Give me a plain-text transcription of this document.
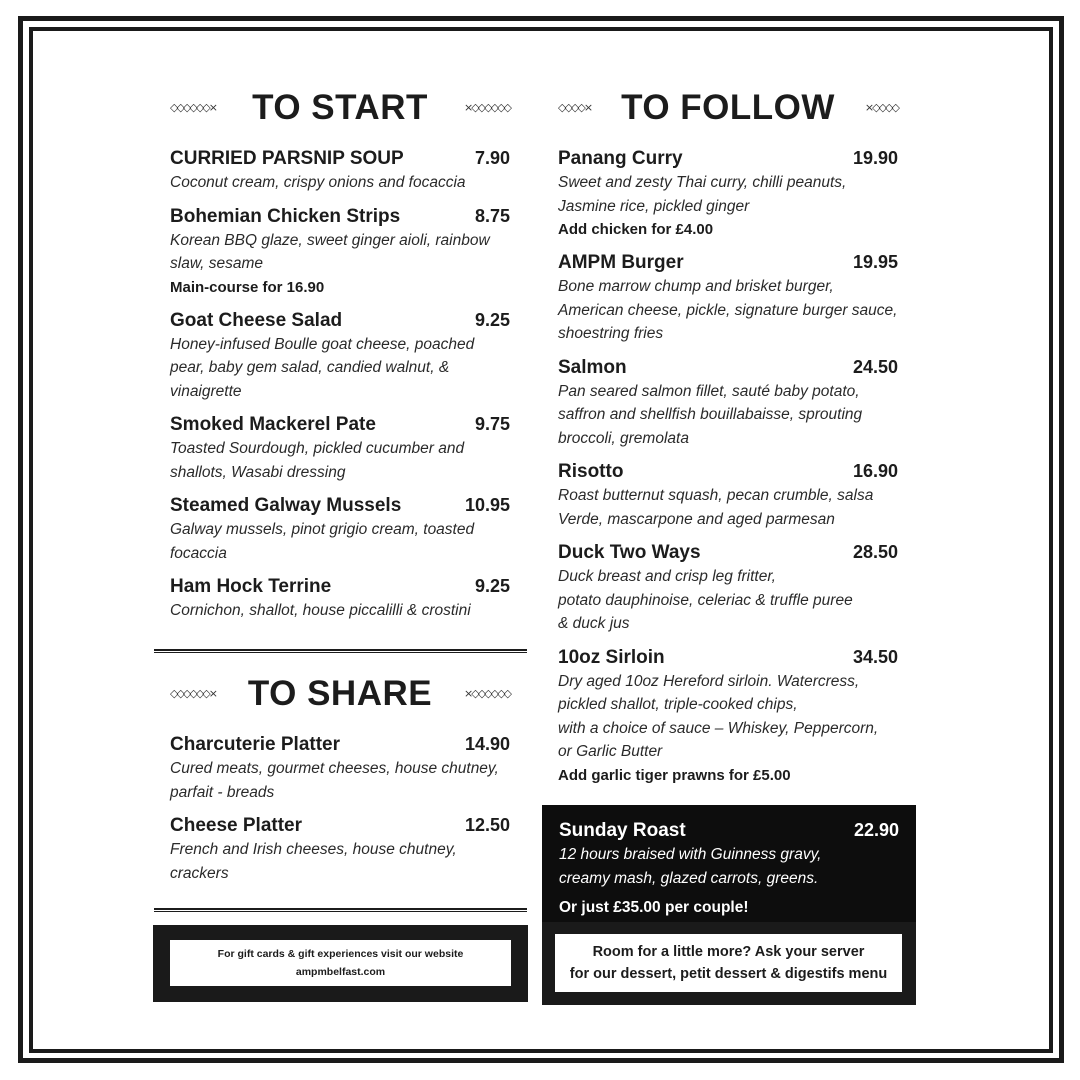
◇◇◇◇◇◇× TO START	×◇◇◇◇◇◇
CURRIED PARSNIP SOUP	7.90
Coconut cream, crispy onions and focaccia
Bohemian Chicken Strips	8.75
Korean BBQ glaze, sweet ginger aioli, rainbow slaw, sesame
Main-course for 16.90
Goat Cheese Salad	9.25
Honey-infused Boulle goat cheese, poached pear, baby gem salad, candied walnut, & vinaigrette
Smoked Mackerel Pate	9.75
Toasted Sourdough, pickled cucumber and shallots, Wasabi dressing
Steamed Galway Mussels	10.95
Galway mussels, pinot grigio cream, toasted focaccia
Ham Hock Terrine	9.25
Cornichon, shallot, house piccalilli & crostini
◇◇◇◇◇◇× TO SHARE	×◇◇◇◇◇◇
Charcuterie Platter	14.90
Cured meats, gourmet cheeses, house chutney, parfait - breads
Cheese Platter	12.50
French and Irish cheeses, house chutney, crackers
For gift cards & gift experiences visit our website
ampmbelfast.com
◇◇◇◇× TO FOLLOW	×◇◇◇◇
Panang Curry	19.90
Sweet and zesty Thai curry, chilli peanuts, Jasmine rice, pickled ginger
Add chicken for £4.00
AMPM Burger	19.95
Bone marrow chump and brisket burger, American cheese, pickle, signature burger sauce, shoestring fries
Salmon	24.50
Pan seared salmon fillet, sauté baby potato, saffron and shellfish bouillabaisse, sprouting broccoli, gremolata
Risotto	16.90
Roast butternut squash, pecan crumble, salsa Verde, mascarpone and aged parmesan
Duck Two Ways	28.50
Duck breast and crisp leg fritter,
potato dauphinoise, celeriac & truffle puree
& duck jus
10oz Sirloin	34.50
Dry aged 10oz Hereford sirloin. Watercress,
pickled shallot, triple-cooked chips,
with a choice of sauce – Whiskey, Peppercorn,
or Garlic Butter
Add garlic tiger prawns for £5.00
Sunday Roast	22.90
12 hours braised with Guinness gravy, creamy mash, glazed carrots, greens.
Or just £35.00 per couple!
Room for a little more? Ask your server
for our dessert, petit dessert & digestifs menu
